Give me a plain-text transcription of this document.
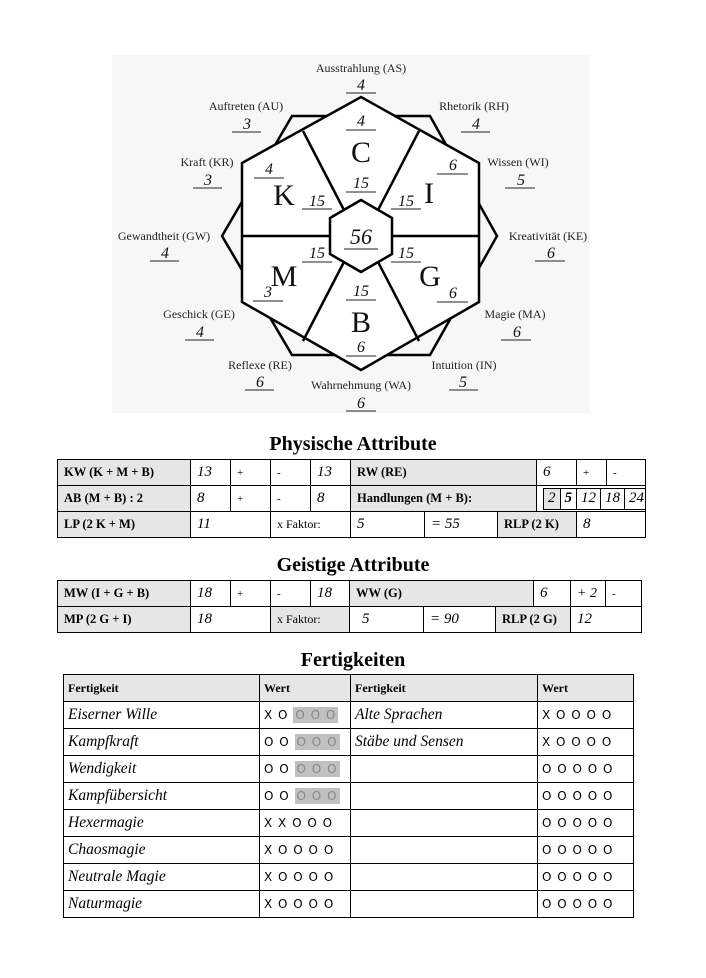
56
4
C
15
6
I
15
15
G
6
15
B
6
15
M
3
4
K 15
Ausstrahlung (AS)
4
Rhetorik (RH)
4
Wissen (WI)
5
Kreativität (KE)
6
Magie (MA)
6
Intuition (IN)
5
Wahrnehmung (WA)
6
Reflexe (RE)
6
Geschick (GE)
4
Gewandtheit (GW)
4
Kraft (KR)
3
Auftreten (AU)
3
Physische Attribute
KW (K + M + B)	13	+	-	13	RW (RE)	6	+	-	
AB (M + B) : 2	8	+	-	8	Handlungen (M + B):		2	5	12	18	24

LP (2 K + M)	11	x Faktor:	5	= 55	RLP (2 K)	8
Geistige Attribute
MW (I + G + B)	18	+	-	18	WW (G)			6	+ 2	-	
MP (2 G + I)	18		x Faktor:		5	= 90	RLP (2 G)		12		
Fertigkeiten
Fertigkeit	Wert	Fertigkeit	Wert
Eiserner Wille	X O O O O	Alte Sprachen	X O O O O
Kampfkraft	O O O O O	Stäbe und Sensen	X O O O O
Wendigkeit	O O O O O		O O O O O
Kampfübersicht	O O O O O		O O O O O
Hexermagie	X X O O O		O O O O O
Chaosmagie	X O O O O		O O O O O
Neutrale Magie	X O O O O		O O O O O
Naturmagie	X O O O O		O O O O O
